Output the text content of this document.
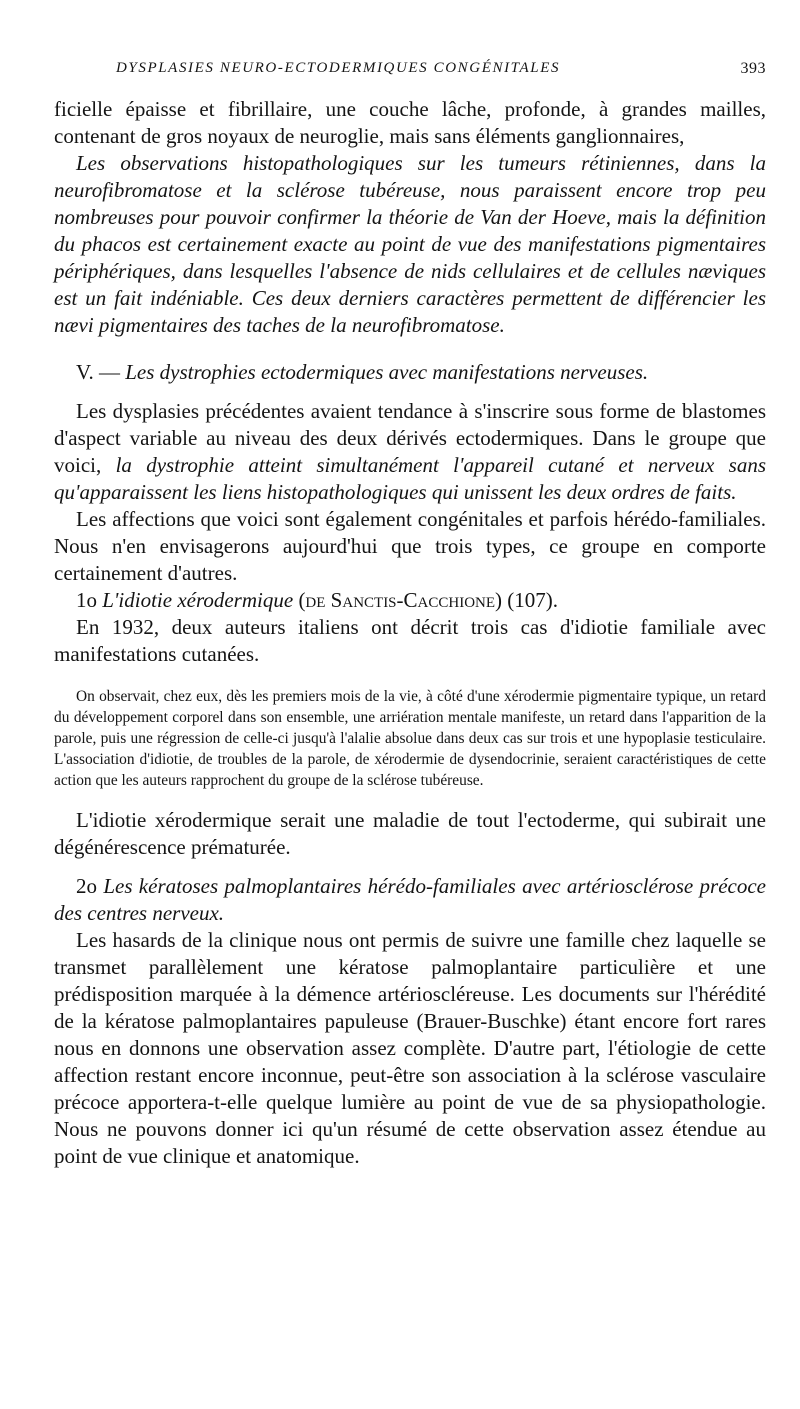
DYSPLASIES NEURO-ECTODERMIQUES CONGÉNITALES	393

ficielle épaisse et fibrillaire, une couche lâche, profonde, à grandes mailles, contenant de gros noyaux de neuroglie, mais sans éléments ganglionnaires,

Les observations histopathologiques sur les tumeurs rétiniennes, dans la neurofibromatose et la sclérose tubéreuse, nous paraissent encore trop peu nombreuses pour pouvoir confirmer la théorie de Van der Hoeve, mais la définition du phacos est certainement exacte au point de vue des manifestations pigmentaires périphériques, dans lesquelles l'absence de nids cellulaires et de cellules næviques est un fait indéniable. Ces deux derniers caractères permettent de différencier les nævi pigmentaires des taches de la neurofibromatose.

V. — Les dystrophies ectodermiques avec manifestations nerveuses.

Les dysplasies précédentes avaient tendance à s'inscrire sous forme de blastomes d'aspect variable au niveau des deux dérivés ectodermiques. Dans le groupe que voici, la dystrophie atteint simultanément l'appareil cutané et nerveux sans qu'apparaissent les liens histopathologiques qui unissent les deux ordres de faits.

Les affections que voici sont également congénitales et parfois hérédo-familiales. Nous n'en envisagerons aujourd'hui que trois types, ce groupe en comporte certainement d'autres.

1o L'idiotie xérodermique (de Sanctis-Cacchione) (107).

En 1932, deux auteurs italiens ont décrit trois cas d'idiotie familiale avec manifestations cutanées.

On observait, chez eux, dès les premiers mois de la vie, à côté d'une xérodermie pigmentaire typique, un retard du développement corporel dans son ensemble, une arriération mentale manifeste, un retard dans l'apparition de la parole, puis une régression de celle-ci jusqu'à l'alalie absolue dans deux cas sur trois et une hypoplasie testiculaire. L'association d'idiotie, de troubles de la parole, de xérodermie de dysendocrinie, seraient caractéristiques de cette action que les auteurs rapprochent du groupe de la sclérose tubéreuse.

L'idiotie xérodermique serait une maladie de tout l'ectoderme, qui subirait une dégénérescence prématurée.

2o Les kératoses palmoplantaires hérédo-familiales avec artériosclérose précoce des centres nerveux.

Les hasards de la clinique nous ont permis de suivre une famille chez laquelle se transmet parallèlement une kératose palmoplantaire particulière et une prédisposition marquée à la démence artérioscléreuse. Les documents sur l'hérédité de la kératose palmoplantaires papuleuse (Brauer-Buschke) étant encore fort rares nous en donnons une observation assez complète. D'autre part, l'étiologie de cette affection restant encore inconnue, peut-être son association à la sclérose vasculaire précoce apportera-t-elle quelque lumière au point de vue de sa physiopathologie. Nous ne pouvons donner ici qu'un résumé de cette observation assez étendue au point de vue clinique et anatomique.
